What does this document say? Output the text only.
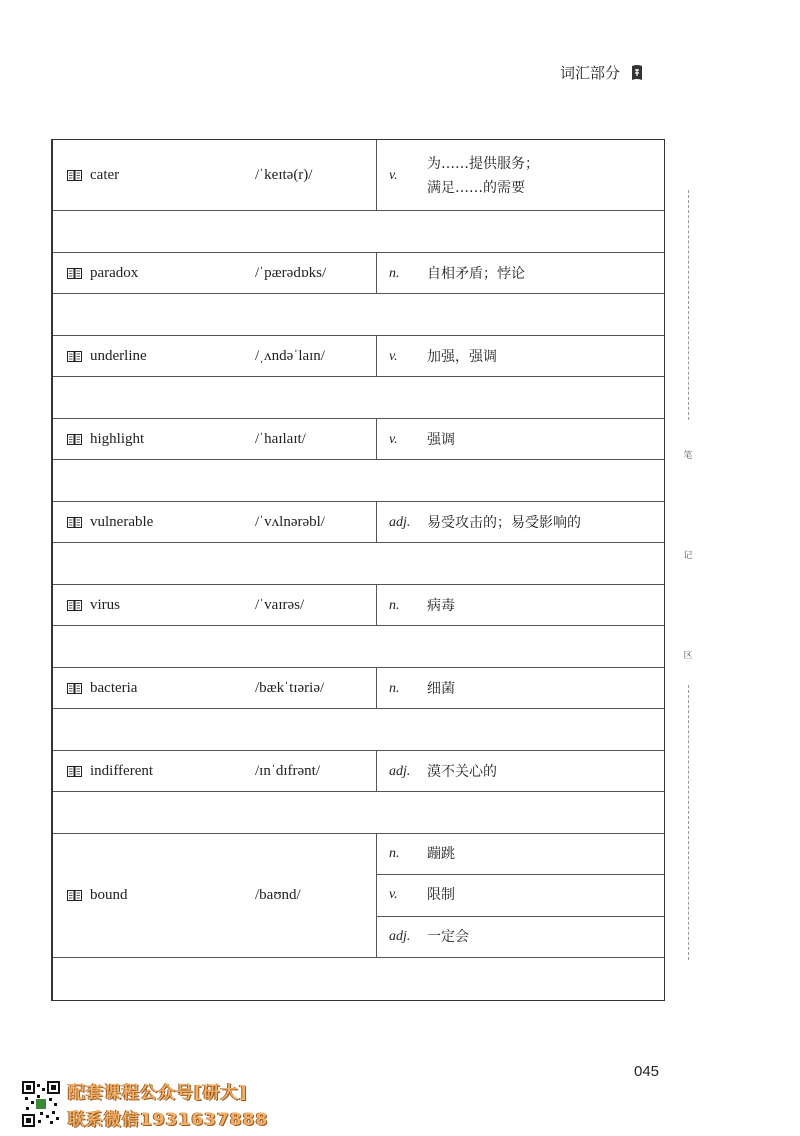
词汇部分
cater	/ˈkeɪtə(r)/	v.
为……提供服务；
满足……的需要
paradox	/ˈpærədɒks/	n. 自相矛盾；悖论
underline	/ˌʌndəˈlaɪn/	v. 加强，强调
highlight	/ˈhaɪlaɪt/	v. 强调
vulnerable	/ˈvʌlnərəbl/	adj. 易受攻击的；易受影响的
virus	/ˈvaɪrəs/	n. 病毒
bacteria	/bækˈtɪəriə/	n. 细菌
indifferent	/ɪnˈdɪfrənt/	adj. 漠不关心的
bound	/baʊnd/
n. 蹦跳
v. 限制
adj. 一定会
笔
记
区
045
配套课程公众号[研大]
联系微信1931637888
